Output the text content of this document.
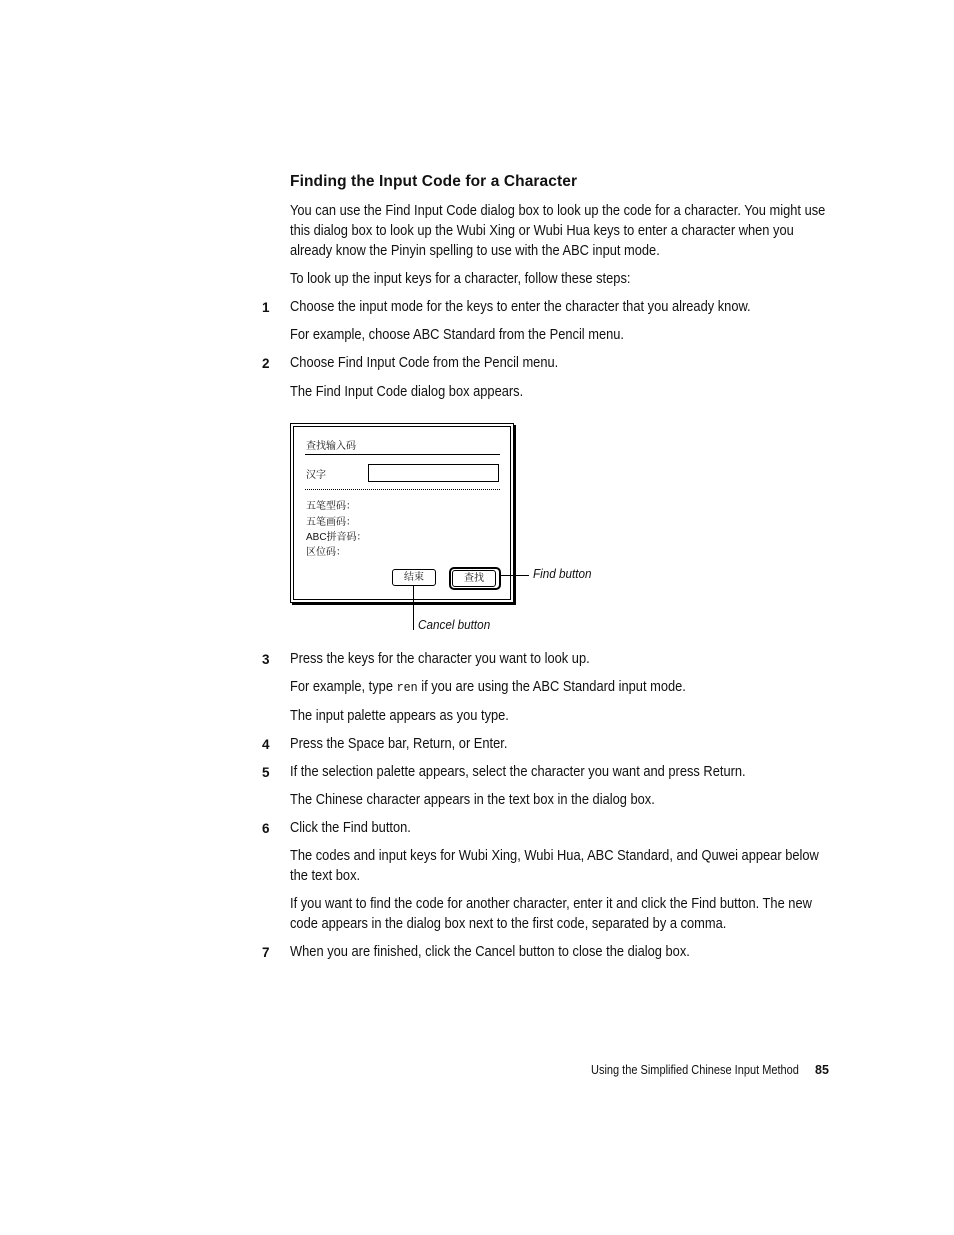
Finding the Input Code for a Character
You can use the Find Input Code dialog box to look up the code for a character. You might use this dialog box to look up the Wubi Xing or Wubi Hua keys to enter a character when you already know the Pinyin spelling to use with the ABC input mode.
To look up the input keys for a character, follow these steps:
1 Choose the input mode for the keys to enter the character that you already know.
For example, choose ABC Standard from the Pencil menu.
2 Choose Find Input Code from the Pencil menu.
The Find Input Code dialog box appears.
查找输入码
汉字
五笔型码：
五笔画码：
ABC拼音码：
区位码：
结束	查找	Find button
Cancel button
3 Press the keys for the character you want to look up.
For example, type ren if you are using the ABC Standard input mode.
The input palette appears as you type.
4 Press the Space bar, Return, or Enter.
5 If the selection palette appears, select the character you want and press Return.
The Chinese character appears in the text box in the dialog box.
6 Click the Find button.
The codes and input keys for Wubi Xing, Wubi Hua, ABC Standard, and Quwei appear below the text box.
If you want to find the code for another character, enter it and click the Find button. The new code appears in the dialog box next to the first code, separated by a comma.
7 When you are finished, click the Cancel button to close the dialog box.
Using the Simplified Chinese Input Method 85
